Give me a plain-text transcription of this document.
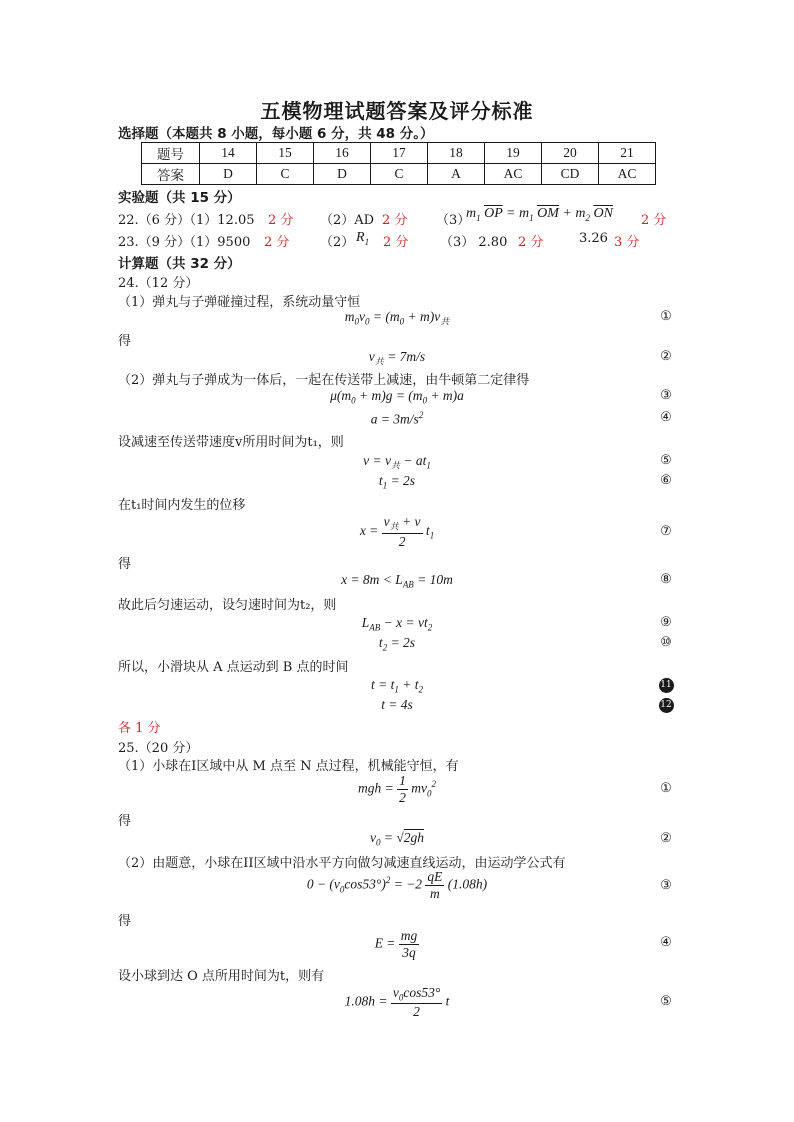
五模物理试题答案及评分标准
选择题（本题共 8 小题，每小题 6 分，共 48 分。）
题号	14	15	16	17	18	19	20	21
答案	D	C	D	C	A	AC	CD	AC
实验题（共 15 分）
22.（6 分）
（1）12.05 2 分 （2）AD 2 分 （3）
$m_1$ $\overline{OP} = m_1$ $\overline{OM} + m_2$ $\overline{ON}$ 2 分
23.（9 分）
（1）9500 2 分 （2） $R_1$ 2 分 （3） 2.80 2 分	3.26 3 分
计算题（共 32 分）
24.（12 分）
（1）弹丸与子弹碰撞过程，系统动量守恒
$m_0v_0 = (m_0 + m)v_共$	①
得
$v_共 = 7m/s$	②
（2）弹丸与子弹成为一体后，一起在传送带上减速，由牛顿第二定律得
$\mu(m_0 + m)g = (m_0 + m)a$	③
$a = 3m/s^2$	④
设减速至传送带速度v所用时间为t₁，则
$v = v_共 - at_1$	⑤
$t_1 = 2s$	⑥
在t₁时间内发生的位移
$x = \frac{v_共 + v}{2} t_1$	⑦
得
$x = 8m < L_{AB} = 10m$	⑧
故此后匀速运动，设匀速时间为t₂，则
$L_{AB} - x = vt_2$	⑨
$t_2 = 2s$	⑩
所以，小滑块从 A 点运动到 B 点的时间
$t = t_1 + t_2$	11
t = 4s	12
各 1 分
25.（20 分）
（1）小球在I区域中从 M 点至 N 点过程，机械能守恒，有
mgh = $\frac{1}{2} mv_0^2$	①
得
$v_0 = √2gh$	②
（2）由题意，小球在II区域中沿水平方向做匀减速直线运动，由运动学公式有
$0 - (v_0\cos 53^\circ)^2 = -2 \frac{qE}{m} (1.08h)$	③
得
$E = \frac{mg}{3q}$	④
设小球到达 O 点所用时间为t，则有
$1.08h = \frac{v_0\cos 53^\circ}{2}$ t	⑤
